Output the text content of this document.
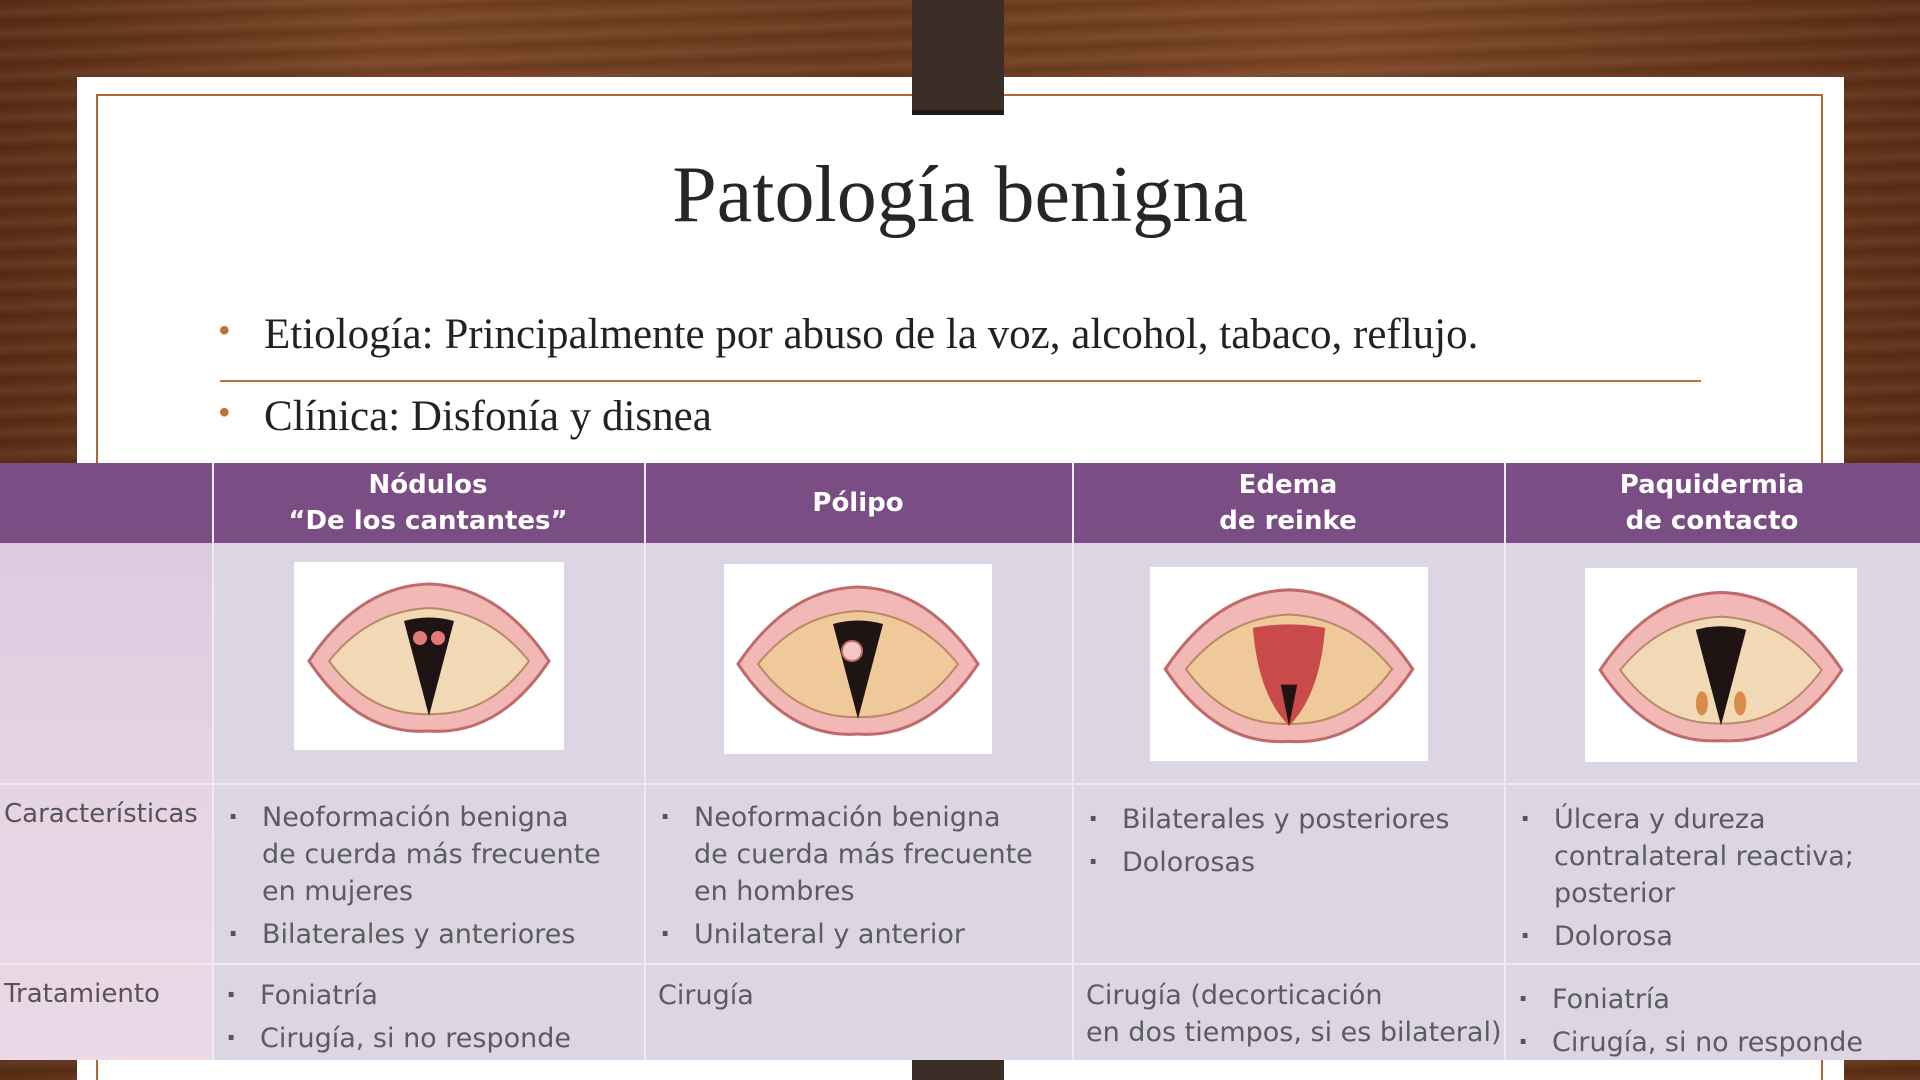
Patología benigna
• Etiología: Principalmente por abuso de la voz, alcohol, tabaco, reflujo.
• Clínica: Disfonía y disnea
Nódulos
“De los cantantes”
Pólipo
Edema
de reinke
Paquidermia
de contacto
Características
Tratamiento
· Neoformación benigna de cuerda más frecuente en mujeres
· Bilaterales y anteriores
· Neoformación benigna de cuerda más frecuente en hombres
· Unilateral y anterior
· Bilaterales y posteriores
· Dolorosas
· Úlcera y dureza contralateral reactiva; posterior
· Dolorosa
· Foniatría
· Cirugía, si no responde
Cirugía	Cirugía (decorticación
en dos tiempos, si es bilateral)
· Foniatría
· Cirugía, si no responde
